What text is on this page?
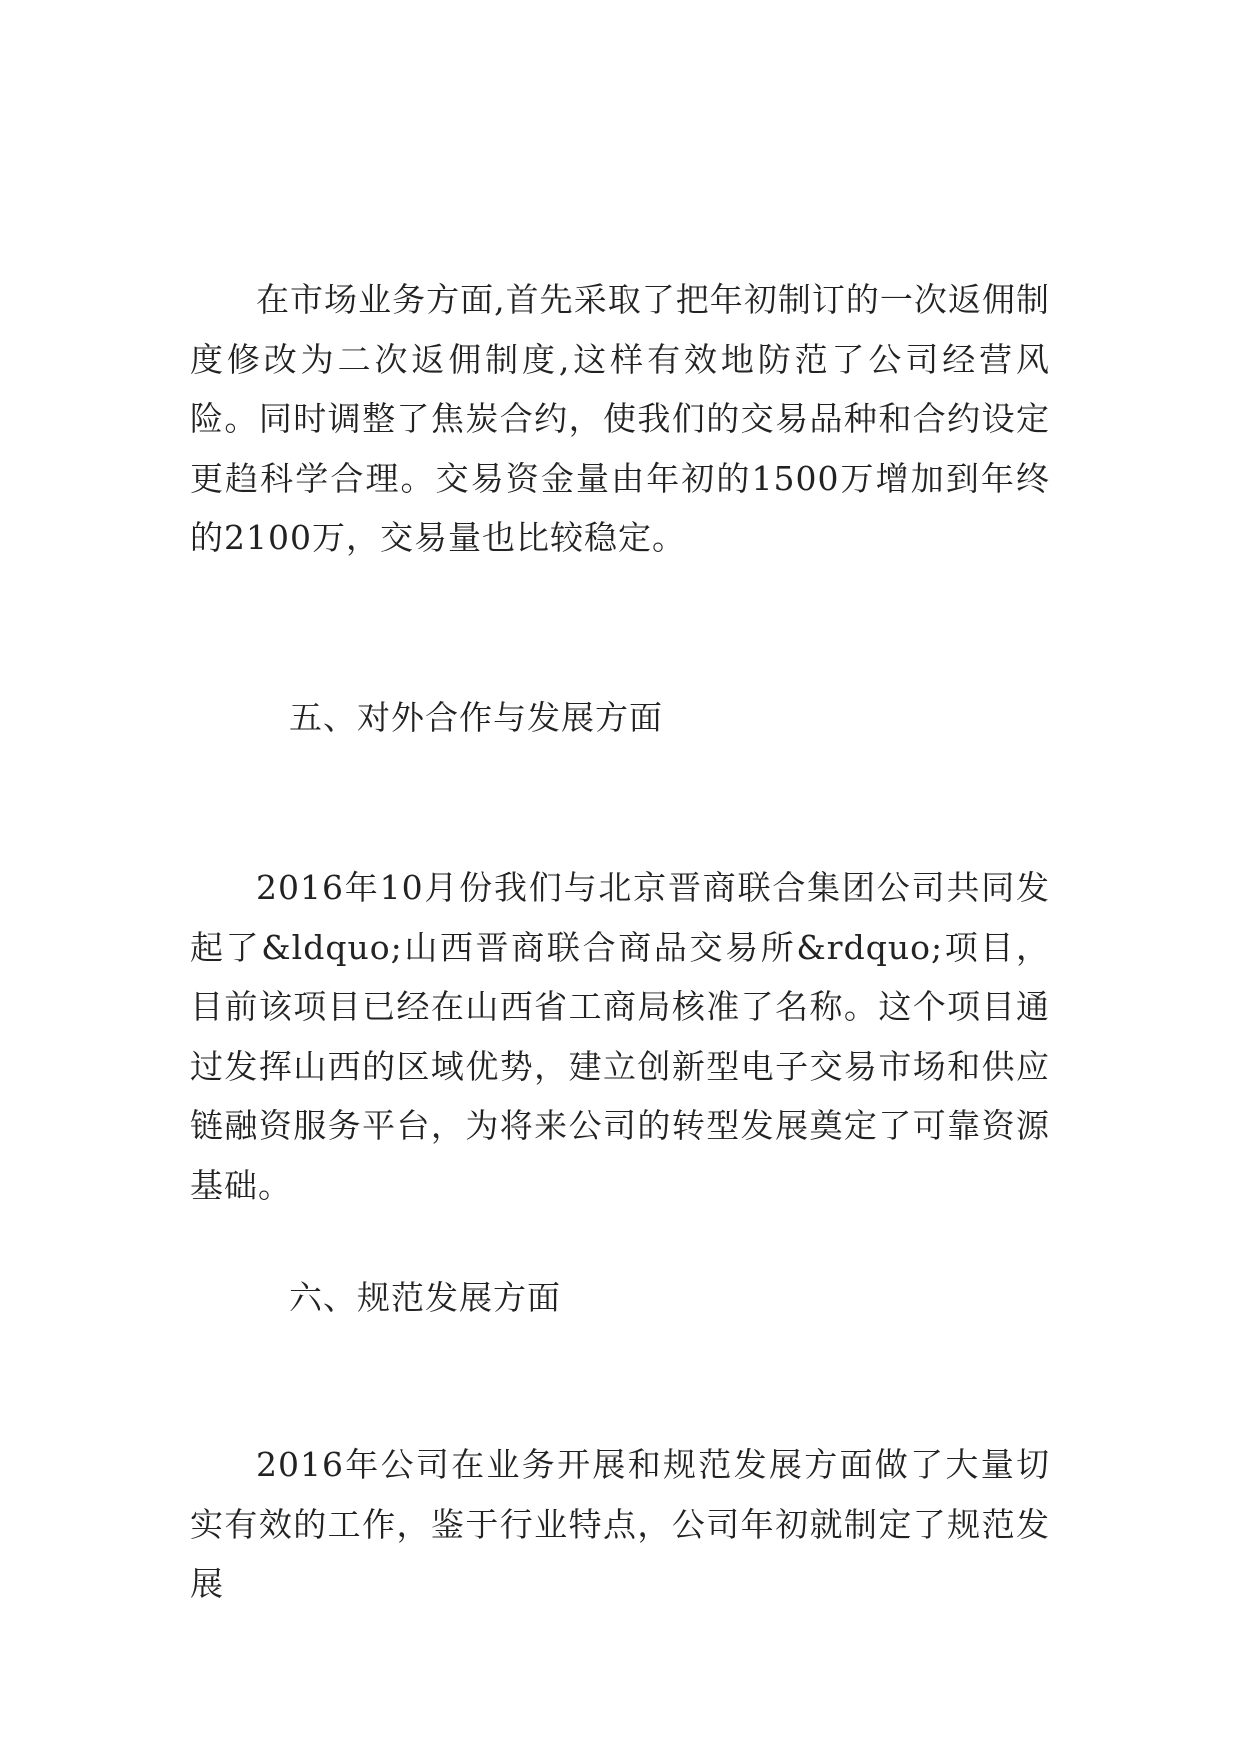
在市场业务方面,首先采取了把年初制订的一次返佣制度修改为二次返佣制度,这样有效地防范了公司经营风险。同时调整了焦炭合约，使我们的交易品种和合约设定更趋科学合理。交易资金量由年初的1500万增加到年终的2100万，交易量也比较稳定。

五、对外合作与发展方面

2016年10月份我们与北京晋商联合集团公司共同发起了&ldquo;山西晋商联合商品交易所&rdquo;项目，目前该项目已经在山西省工商局核准了名称。这个项目通过发挥山西的区域优势，建立创新型电子交易市场和供应链融资服务平台，为将来公司的转型发展奠定了可靠资源基础。

六、规范发展方面

2016年公司在业务开展和规范发展方面做了大量切实有效的工作，鉴于行业特点，公司年初就制定了规范发展
